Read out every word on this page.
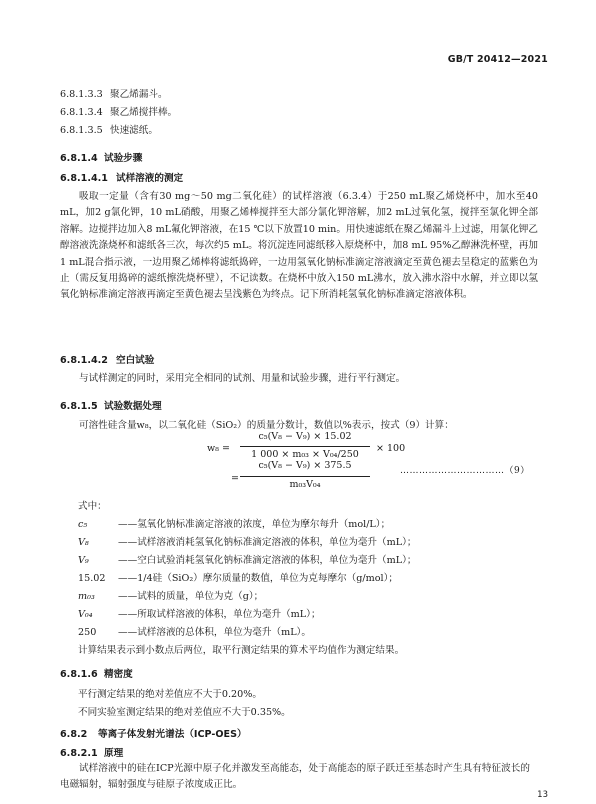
GB/T 20412—2021
6.8.1.3.3 聚乙烯漏斗。
6.8.1.3.4 聚乙烯搅拌棒。
6.8.1.3.5 快速滤纸。
6.8.1.4 试验步骤
6.8.1.4.1 试样溶液的测定
吸取一定量（含有30 mg～50 mg二氧化硅）的试样溶液（6.3.4）于250 mL聚乙烯烧杯中，加水至40 mL，加2 g氯化钾，10 mL硝酸，用聚乙烯棒搅拌至大部分氯化钾溶解，加2 mL过氧化氢，搅拌至氯化钾全部溶解。边搅拌边加入8 mL氟化钾溶液，在15 ℃以下放置10 min。用快速滤纸在聚乙烯漏斗上过滤，用氯化钾乙醇溶液洗涤烧杯和滤纸各三次，每次约5 mL。将沉淀连同滤纸移入原烧杯中，加8 mL 95%乙醇淋洗杯壁，再加1 mL混合指示液，一边用聚乙烯棒将滤纸捣碎，一边用氢氧化钠标准滴定溶液滴定至黄色褪去呈稳定的蓝紫色为止（需反复用捣碎的滤纸擦洗烧杯壁），不记读数。在烧杯中放入150 mL沸水，放入沸水浴中水解，并立即以氢氧化钠标准滴定溶液再滴定至黄色褪去呈浅紫色为终点。记下所消耗氢氧化钠标准滴定溶液体积。
6.8.1.4.2 空白试验
与试样测定的同时，采用完全相同的试剂、用量和试验步骤，进行平行测定。
6.8.1.5 试验数据处理
可溶性硅含量w₈，以二氧化硅（SiO₂）的质量分数计，数值以%表示，按式（9）计算：
w₈ =
c₅(V₈ − V₉) × 15.02
1 000 × m₀₃ × V₀₄/250
× 100
=
c₅(V₈ − V₉) × 375.5
m₀₃V₀₄
……………………………（9）
式中：
c₅	——氢氧化钠标准滴定溶液的浓度，单位为摩尔每升（mol/L）；
V₈	——试样溶液消耗氢氧化钠标准滴定溶液的体积，单位为毫升（mL）；
V₉	——空白试验消耗氢氧化钠标准滴定溶液的体积，单位为毫升（mL）；
15.02 ——1/4硅（SiO₂）摩尔质量的数值，单位为克每摩尔（g/mol）；
m₀₃ ——试料的质量，单位为克（g）；
V₀₄	——所取试样溶液的体积，单位为毫升（mL）；
250 ——试样溶液的总体积，单位为毫升（mL）。
计算结果表示到小数点后两位，取平行测定结果的算术平均值作为测定结果。
6.8.1.6 精密度
平行测定结果的绝对差值应不大于0.20%。
不同实验室测定结果的绝对差值应不大于0.35%。
6.8.2 等离子体发射光谱法（ICP-OES）
6.8.2.1 原理
试样溶液中的硅在ICP光源中原子化并激发至高能态，处于高能态的原子跃迁至基态时产生具有特征波长的电磁辐射，辐射强度与硅原子浓度成正比。
13
